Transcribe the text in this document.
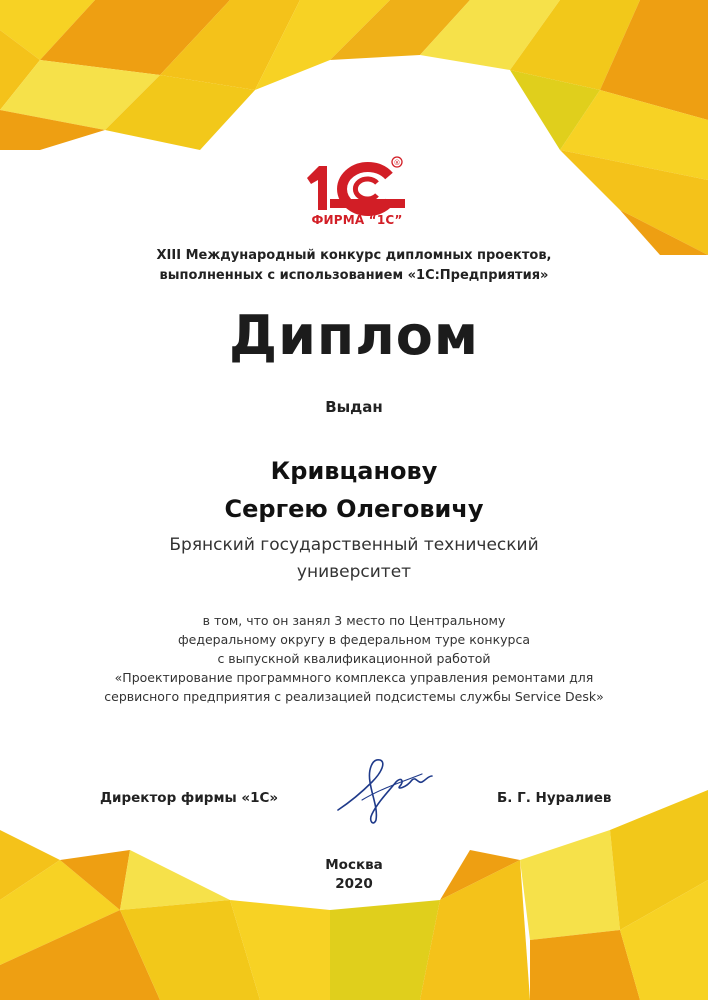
®
ФИРМА “1С”
XIII Международный конкурс дипломных проектов,
выполненных с использованием «1С:Предприятия»
Диплом
Выдан
Кривцанову
Сергею Олеговичу
Брянский государственный технический
университет
в том, что он занял 3 место по Центральному
федеральному округу в федеральном туре конкурса
с выпускной квалификационной работой
«Проектирование программного комплекса управления ремонтами для
сервисного предприятия с реализацией подсистемы службы Service Desk»
Директор фирмы «1С»	Б. Г. Нуралиев
Москва
2020
